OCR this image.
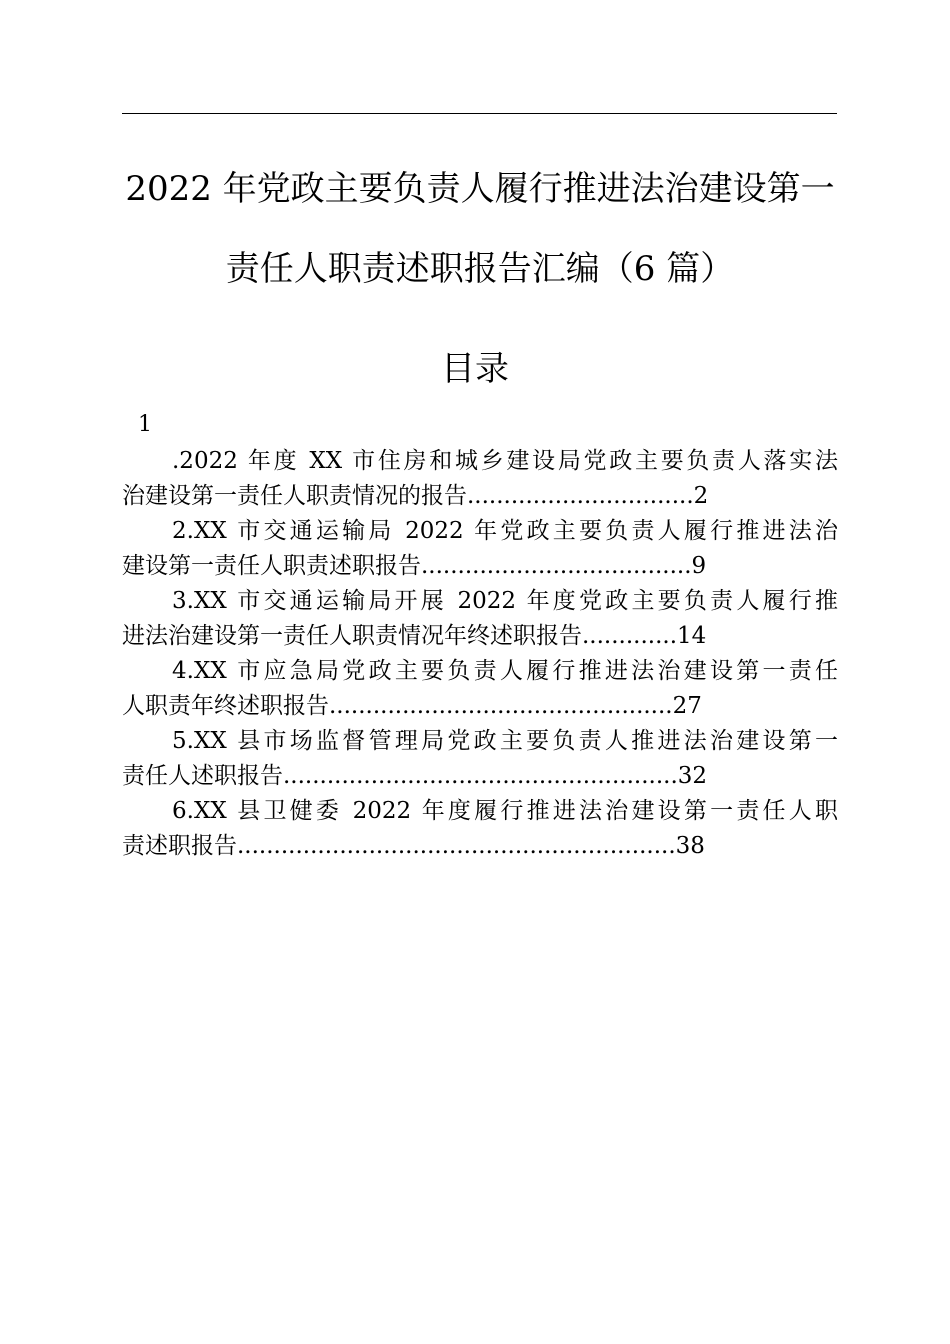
2022 年党政主要负责人履行推进法治建设第一
责任人职责述职报告汇编（6 篇）
目录
1
.2022 年度 XX 市住房和城乡建设局党政主要负责人落实法
治建设第一责任人职责情况的报告...............................2
2.XX 市交通运输局 2022 年党政主要负责人履行推进法治
建设第一责任人职责述职报告.....................................9
3.XX 市交通运输局开展 2022 年度党政主要负责人履行推
进法治建设第一责任人职责情况年终述职报告.............14
4.XX 市应急局党政主要负责人履行推进法治建设第一责任
人职责年终述职报告...............................................27
5.XX 县市场监督管理局党政主要负责人推进法治建设第一
责任人述职报告......................................................32
6.XX 县卫健委 2022 年度履行推进法治建设第一责任人职
责述职报告............................................................38
